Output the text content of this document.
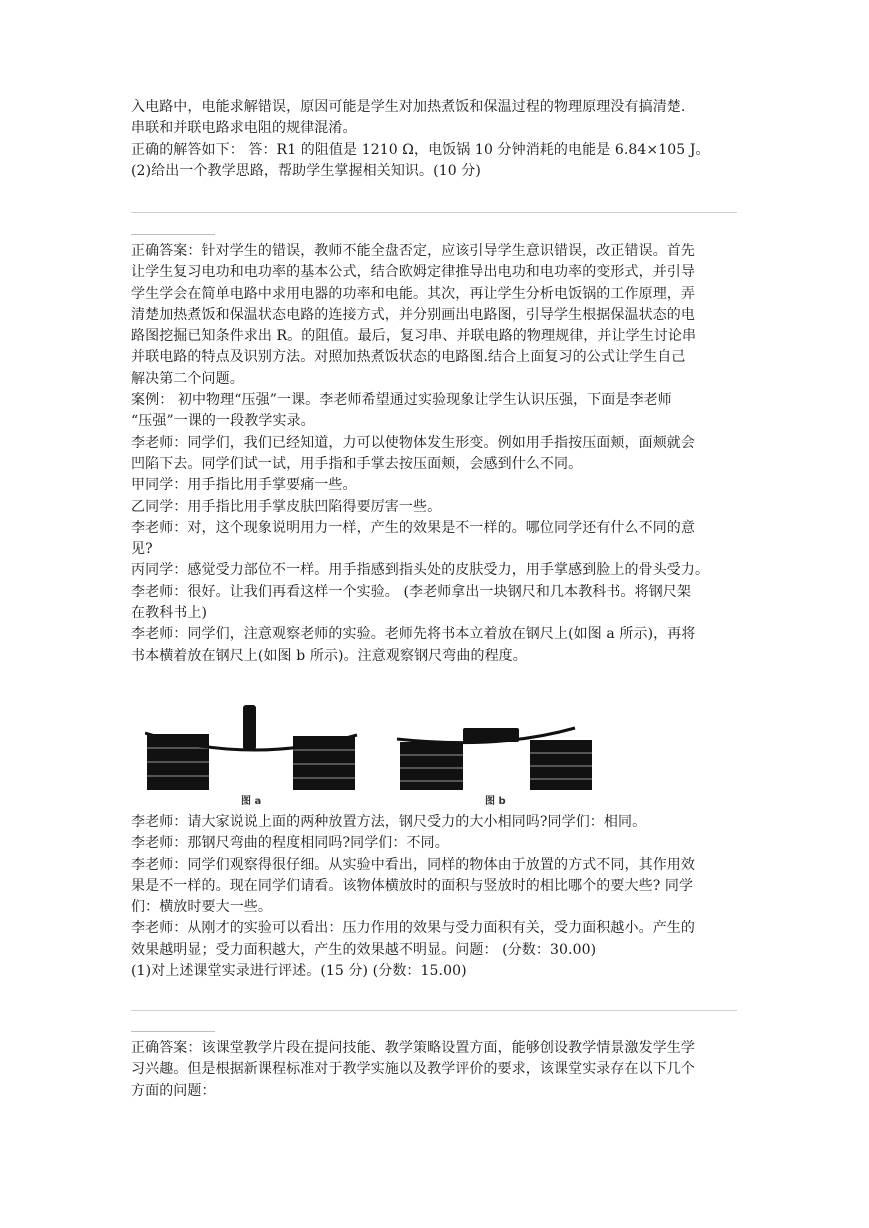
入电路中，电能求解错误，原因可能是学生对加热煮饭和保温过程的物理原理没有搞清楚.
串联和并联电路求电阻的规律混淆。
正确的解答如下： 答：R1 的阻值是 1210 Ω，电饭锅 10 分钟消耗的电能是 6.84×105 J。
(2)给出一个教学思路，帮助学生掌握相关知识。(10 分)
正确答案：针对学生的错误，教师不能全盘否定，应该引导学生意识错误，改正错误。首先
让学生复习电功和电功率的基本公式，结合欧姆定律推导出电功和电功率的变形式，并引导
学生学会在简单电路中求用电器的功率和电能。其次，再让学生分析电饭锅的工作原理，弄
清楚加热煮饭和保温状态电路的连接方式，并分别画出电路图，引导学生根据保温状态的电
路图挖掘已知条件求出 R。的阻值。最后，复习串、并联电路的物理规律，并让学生讨论串
并联电路的特点及识别方法。对照加热煮饭状态的电路图.结合上面复习的公式让学生自己
解决第二个问题。
案例： 初中物理“压强”一课。李老师希望通过实验现象让学生认识压强，下面是李老师
“压强”一课的一段教学实录。
李老师：同学们，我们已经知道，力可以使物体发生形变。例如用手指按压面颊，面颊就会
凹陷下去。同学们试一试，用手指和手掌去按压面颊，会感到什么不同。
甲同学：用手指比用手掌要痛一些。
乙同学：用手指比用手掌皮肤凹陷得要厉害一些。
李老师：对，这个现象说明用力一样，产生的效果是不一样的。哪位同学还有什么不同的意
见?
丙同学：感觉受力部位不一样。用手指感到指头处的皮肤受力，用手掌感到脸上的骨头受力。
李老师：很好。让我们再看这样一个实验。 (李老师拿出一块钢尺和几本教科书。将钢尺架
在教科书上)
李老师：同学们，注意观察老师的实验。老师先将书本立着放在钢尺上(如图 a 所示)，再将
书本横着放在钢尺上(如图 b 所示)。注意观察钢尺弯曲的程度。
图 a	图 b
李老师：请大家说说上面的两种放置方法，钢尺受力的大小相同吗?同学们：相同。
李老师：那钢尺弯曲的程度相同吗?同学们：不同。
李老师：同学们观察得很仔细。从实验中看出，同样的物体由于放置的方式不同，其作用效
果是不一样的。现在同学们请看。该物体横放时的面积与竖放时的相比哪个的要大些? 同学
们：横放时要大一些。
李老师：从刚才的实验可以看出：压力作用的效果与受力面积有关，受力面积越小。产生的
效果越明显；受力面积越大，产生的效果越不明显。问题： (分数：30.00)
(1)对上述课堂实录进行评述。(15 分) (分数：15.00)
正确答案：该课堂教学片段在提问技能、教学策略设置方面，能够创设教学情景激发学生学
习兴趣。但是根据新课程标准对于教学实施以及教学评价的要求，该课堂实录存在以下几个
方面的问题：
